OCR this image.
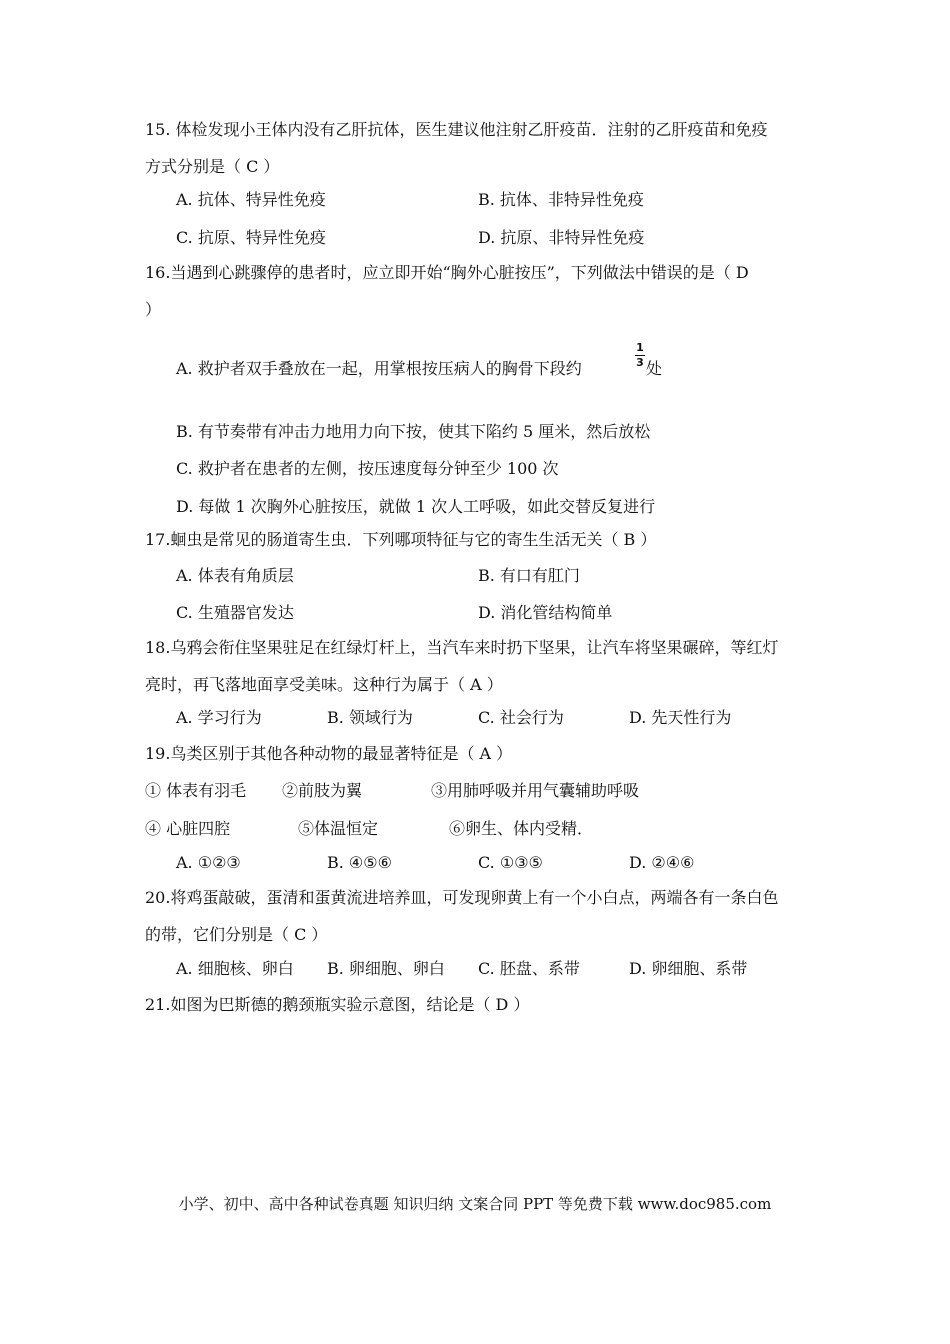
15. 体检发现小王体内没有乙肝抗体，医生建议他注射乙肝疫苗．注射的乙肝疫苗和免疫
方式分别是（ C ）
A. 抗体、特异性免疫	B. 抗体、非特异性免疫
C. 抗原、特异性免疫	D. 抗原、非特异性免疫
16.当遇到心跳骤停的患者时，应立即开始“胸外心脏按压”，下列做法中错误的是（ D
）
A. 救护者双手叠放在一起，用掌根按压病人的胸骨下段约
1
3 处
B. 有节奏带有冲击力地用力向下按，使其下陷约 5 厘米，然后放松
C. 救护者在患者的左侧，按压速度每分钟至少 100 次
D. 每做 1 次胸外心脏按压，就做 1 次人工呼吸，如此交替反复进行
17.蛔虫是常见的肠道寄生虫．下列哪项特征与它的寄生生活无关（ B ）
A. 体表有角质层	B. 有口有肛门
C. 生殖器官发达	D. 消化管结构简单
18.乌鸦会衔住坚果驻足在红绿灯杆上，当汽车来时扔下坚果，让汽车将坚果碾碎，等红灯
亮时，再飞落地面享受美味。这种行为属于（ A ）
A. 学习行为	B. 领域行为	C. 社会行为	D. 先天性行为
19.鸟类区别于其他各种动物的最显著特征是（ A ）
① 体表有羽毛 ②前肢为翼	③用肺呼吸并用气囊辅助呼吸
④ 心脏四腔	⑤体温恒定	⑥卵生、体内受精．
A. ①②③	B. ④⑤⑥	C. ①③⑤	D. ②④⑥
20.将鸡蛋敲破，蛋清和蛋黄流进培养皿，可发现卵黄上有一个小白点，两端各有一条白色
的带，它们分别是（ C ）
A. 细胞核、卵白 B. 卵细胞、卵白 C. 胚盘、系带	D. 卵细胞、系带
21.如图为巴斯德的鹅颈瓶实验示意图，结论是（ D ）
小学、初中、高中各种试卷真题 知识归纳 文案合同 PPT 等免费下载 www.doc985.com
